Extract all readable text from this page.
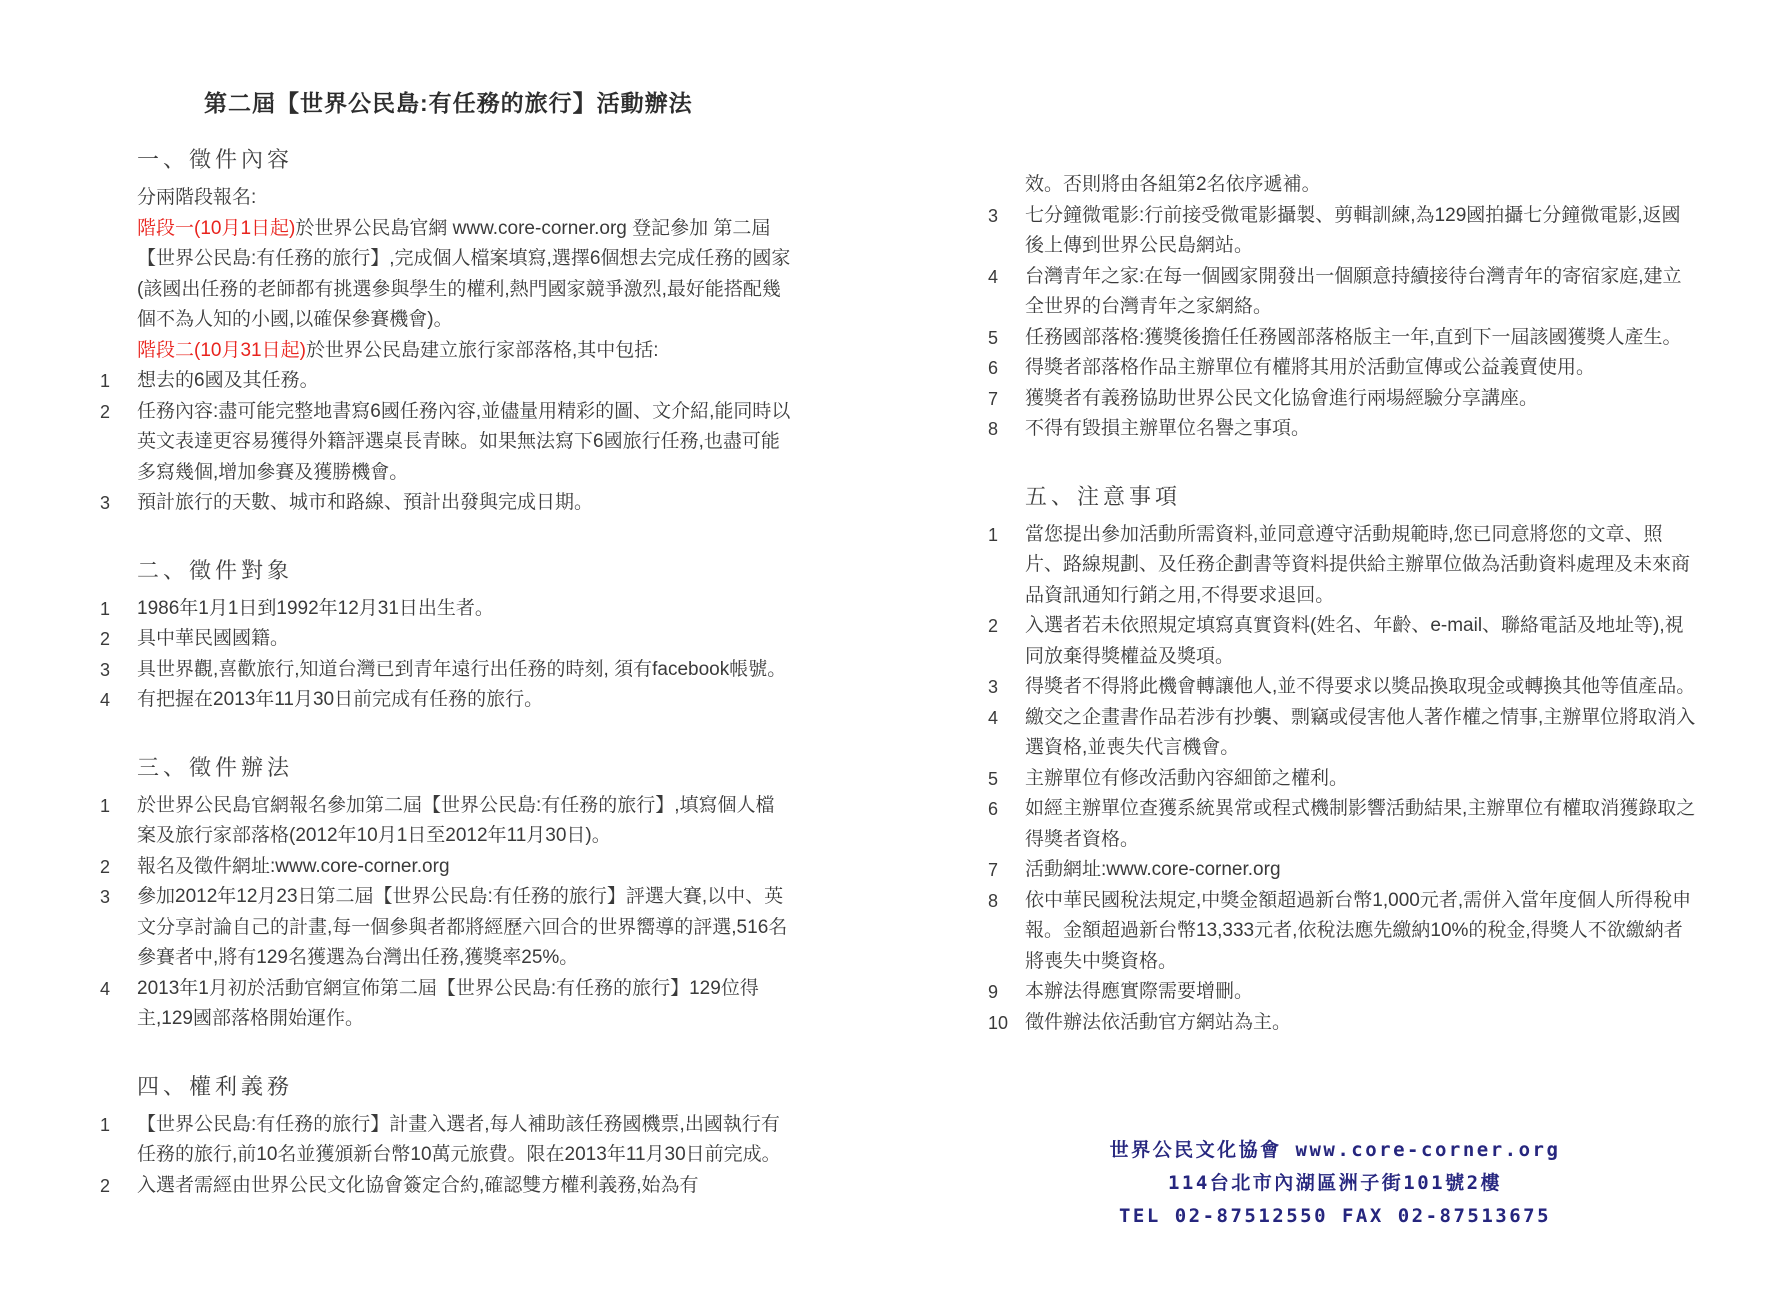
第二屆【世界公民島:有任務的旅行】活動辦法
一、徵件內容

分兩階段報名:

階段一(10月1日起)於世界公民島官網 www.core-corner.org 登記參加 第二屆【世界公民島:有任務的旅行】,完成個人檔案填寫,選擇6個想去完成任務的國家(該國出任務的老師都有挑選參與學生的權利,熱門國家競爭激烈,最好能搭配幾個不為人知的小國,以確保參賽機會)。

階段二(10月31日起)於世界公民島建立旅行家部落格,其中包括:

1	想去的6國及其任務。
2	任務內容:盡可能完整地書寫6國任務內容,並儘量用精彩的圖、文介紹,能同時以英文表達更容易獲得外籍評選桌長青睞。如果無法寫下6國旅行任務,也盡可能多寫幾個,增加參賽及獲勝機會。
3	預計旅行的天數、城市和路線、預計出發與完成日期。
二、徵件對象
1	1986年1月1日到1992年12月31日出生者。
2	具中華民國國籍。
3	具世界觀,喜歡旅行,知道台灣已到青年遠行出任務的時刻, 須有facebook帳號。
4	有把握在2013年11月30日前完成有任務的旅行。
三、徵件辦法
1	於世界公民島官網報名參加第二屆【世界公民島:有任務的旅行】,填寫個人檔案及旅行家部落格(2012年10月1日至2012年11月30日)。
2	報名及徵件網址:www.core-corner.org
3	參加2012年12月23日第二屆【世界公民島:有任務的旅行】評選大賽,以中、英文分享討論自己的計畫,每一個參與者都將經歷六回合的世界嚮導的評選,516名參賽者中,將有129名獲選為台灣出任務,獲獎率25%。
4	2013年1月初於活動官網宣佈第二屆【世界公民島:有任務的旅行】129位得主,129國部落格開始運作。
四、權利義務
1	【世界公民島:有任務的旅行】計畫入選者,每人補助該任務國機票,出國執行有任務的旅行,前10名並獲頒新台幣10萬元旅費。限在2013年11月30日前完成。
2	入選者需經由世界公民文化協會簽定合約,確認雙方權利義務,始為有
效。否則將由各組第2名依序遞補。
3	七分鐘微電影:行前接受微電影攝製、剪輯訓練,為129國拍攝七分鐘微電影,返國後上傳到世界公民島網站。
4	台灣青年之家:在每一個國家開發出一個願意持續接待台灣青年的寄宿家庭,建立全世界的台灣青年之家網絡。
5	任務國部落格:獲獎後擔任任務國部落格版主一年,直到下一屆該國獲獎人產生。
6	得獎者部落格作品主辦單位有權將其用於活動宣傳或公益義賣使用。
7	獲獎者有義務協助世界公民文化協會進行兩場經驗分享講座。
8	不得有毀損主辦單位名譽之事項。
五、注意事項
1	當您提出參加活動所需資料,並同意遵守活動規範時,您已同意將您的文章、照片、路線規劃、及任務企劃書等資料提供給主辦單位做為活動資料處理及未來商品資訊通知行銷之用,不得要求退回。
2	入選者若未依照規定填寫真實資料(姓名、年齡、e-mail、聯絡電話及地址等),視同放棄得獎權益及獎項。
3	得獎者不得將此機會轉讓他人,並不得要求以獎品換取現金或轉換其他等值產品。
4	繳交之企畫書作品若涉有抄襲、剽竊或侵害他人著作權之情事,主辦單位將取消入選資格,並喪失代言機會。
5	主辦單位有修改活動內容細節之權利。
6	如經主辦單位查獲系統異常或程式機制影響活動結果,主辦單位有權取消獲錄取之得獎者資格。
7	活動網址:www.core-corner.org
8	依中華民國稅法規定,中獎金額超過新台幣1,000元者,需併入當年度個人所得稅申報。金額超過新台幣13,333元者,依稅法應先繳納10%的稅金,得獎人不欲繳納者將喪失中獎資格。
9	本辦法得應實際需要增刪。
10 徵件辦法依活動官方網站為主。
世界公民文化協會 www.core-corner.org
114台北市內湖區洲子街101號2樓
TEL 02-87512550 FAX 02-87513675
